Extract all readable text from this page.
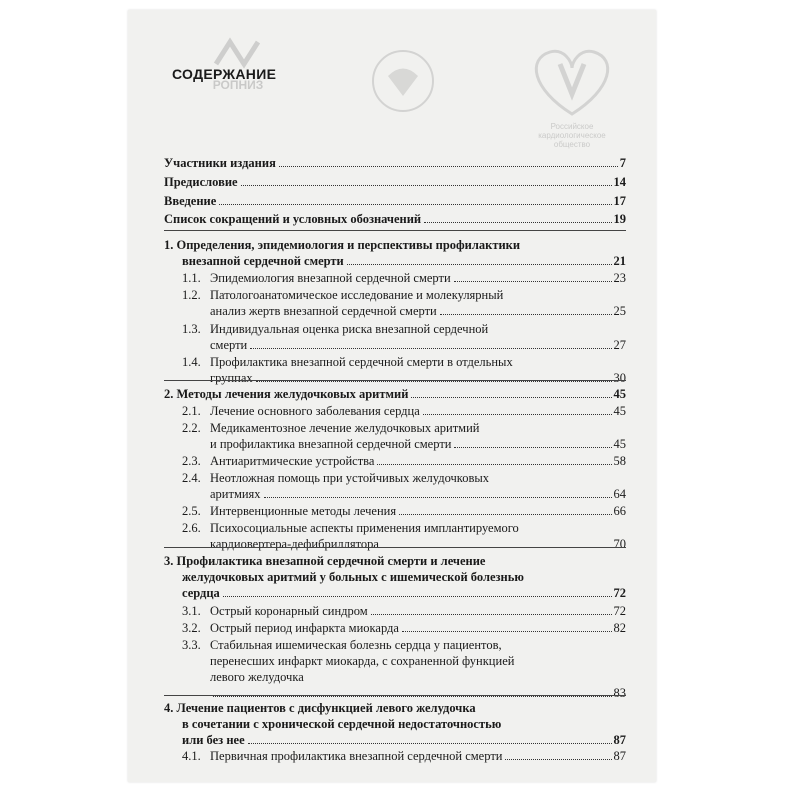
РОПНИЗ
Российское кардиологическое общество
СОДЕРЖАНИЕ
Участники издания	7
Предисловие	14
Введение	17
Список сокращений и условных обозначений	19
1. Определения, эпидемиология и перспективы профилактики
внезапной сердечной смерти	21
1.1. Эпидемиология внезапной сердечной смерти	23
1.2. Патологоанатомическое исследование и молекулярный
анализ жертв внезапной сердечной смерти	25
1.3. Индивидуальная оценка риска внезапной сердечной
смерти	27
1.4. Профилактика внезапной сердечной смерти в отдельных
группах	30
2. Методы лечения желудочковых аритмий	45
2.1. Лечение основного заболевания сердца	45
2.2. Медикаментозное лечение желудочковых аритмий
и профилактика внезапной сердечной смерти	45
2.3. Антиаритмические устройства	58
2.4. Неотложная помощь при устойчивых желудочковых
аритмиях	64
2.5. Интервенционные методы лечения	66
2.6. Психосоциальные аспекты применения имплантируемого
кардиовертера-дефибриллятора	70
3. Профилактика внезапной сердечной смерти и лечение
желудочковых аритмий у больных с ишемической болезнью
сердца	72
3.1. Острый коронарный синдром	72
3.2. Острый период инфаркта миокарда	82
3.3. Стабильная ишемическая болезнь сердца у пациентов,
перенесших инфаркт миокарда, с сохраненной функцией
левого желудочка
83
4. Лечение пациентов с дисфункцией левого желудочка
в сочетании с хронической сердечной недостаточностью
или без нее	87
4.1. Первичная профилактика внезапной сердечной смерти	87
